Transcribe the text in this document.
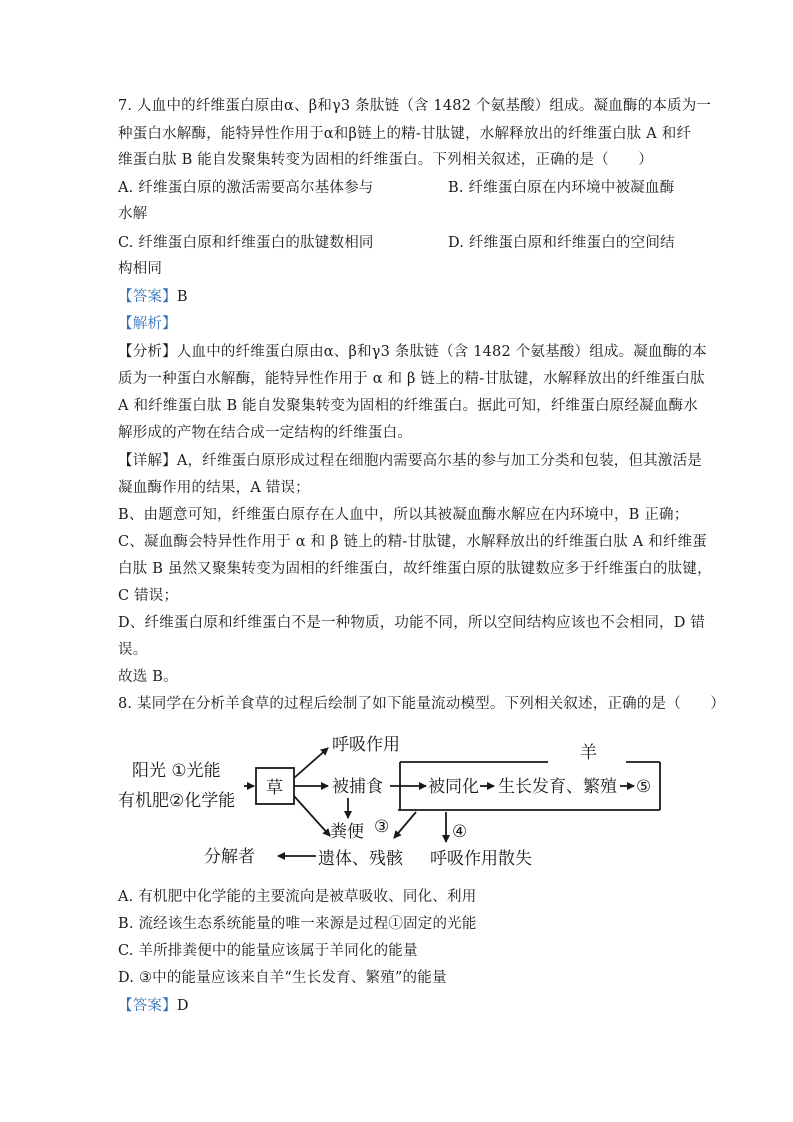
7. 人血中的纤维蛋白原由α、β和γ3 条肽链（含 1482 个氨基酸）组成。凝血酶的本质为一
种蛋白水解酶，能特异性作用于α和β链上的精-甘肽键，水解释放出的纤维蛋白肽 A 和纤
维蛋白肽 B 能自发聚集转变为固相的纤维蛋白。下列相关叙述，正确的是（　　）
A. 纤维蛋白原的激活需要高尔基体参与	B. 纤维蛋白原在内环境中被凝血酶
水解
C. 纤维蛋白原和纤维蛋白的肽键数相同	D. 纤维蛋白原和纤维蛋白的空间结
构相同
【答案】B
【解析】
【分析】人血中的纤维蛋白原由α、β和γ3 条肽链（含 1482 个氨基酸）组成。凝血酶的本
质为一种蛋白水解酶，能特异性作用于 α 和 β 链上的精-甘肽键，水解释放出的纤维蛋白肽
A 和纤维蛋白肽 B 能自发聚集转变为固相的纤维蛋白。据此可知，纤维蛋白原经凝血酶水
解形成的产物在结合成一定结构的纤维蛋白。
【详解】A，纤维蛋白原形成过程在细胞内需要高尔基的参与加工分类和包装，但其激活是
凝血酶作用的结果，A 错误；
B、由题意可知，纤维蛋白原存在人血中，所以其被凝血酶水解应在内环境中，B 正确；
C、凝血酶会特异性作用于 α 和 β 链上的精-甘肽键，水解释放出的纤维蛋白肽 A 和纤维蛋
白肽 B 虽然又聚集转变为固相的纤维蛋白，故纤维蛋白原的肽键数应多于纤维蛋白的肽键，
C 错误；
D、纤维蛋白原和纤维蛋白不是一种物质，功能不同，所以空间结构应该也不会相同，D 错
误。
故选 B。
8. 某同学在分析羊食草的过程后绘制了如下能量流动模型。下列相关叙述，正确的是（　　）
阳光 ①光能
有机肥②化学能
草
呼吸作用
被捕食
粪便
遗体、残骸
分解者
被同化 生长发育、繁殖 ⑤
羊
③	④
呼吸作用散失
A. 有机肥中化学能的主要流向是被草吸收、同化、利用
B. 流经该生态系统能量的唯一来源是过程①固定的光能
C. 羊所排粪便中的能量应该属于羊同化的能量
D. ③中的能量应该来自羊“生长发育、繁殖”的能量
【答案】D
